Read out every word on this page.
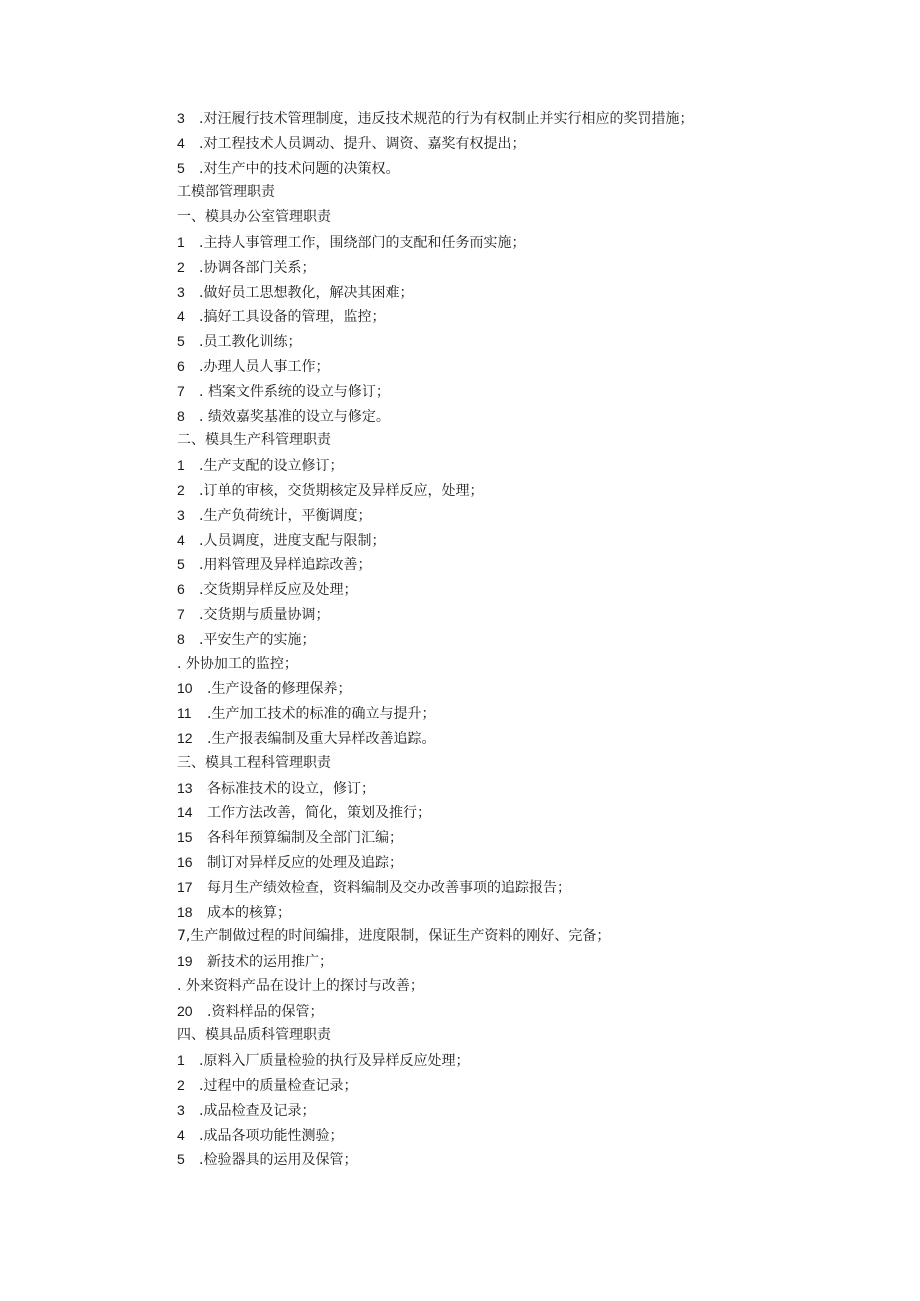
3 .对汪履行技术管理制度，违反技术规范的行为有权制止并实行相应的奖罚措施；
4 .对工程技术人员调动、提升、调资、嘉奖有权提出；
5 .对生产中的技术问题的决策权。
工模部管理职责
一、模具办公室管理职责
1 .主持人事管理工作，围绕部门的支配和任务而实施；
2 .协调各部门关系；
3 .做好员工思想教化，解决其困难；
4 .搞好工具设备的管理，监控；
5 .员工教化训练；
6 .办理人员人事工作；
7 . 档案文件系统的设立与修订；
8 . 绩效嘉奖基准的设立与修定。
二、模具生产科管理职责
1 .生产支配的设立修订；
2 .订单的审核，交货期核定及异样反应，处理；
3 .生产负荷统计，平衡调度；
4 .人员调度，进度支配与限制；
5 .用料管理及异样追踪改善；
6 .交货期异样反应及处理；
7 .交货期与质量协调；
8 .平安生产的实施；
. 外协加工的监控；
10 .生产设备的修理保养；
11 .生产加工技术的标准的确立与提升；
12 .生产报表编制及重大异样改善追踪。
三、模具工程科管理职责
13 各标准技术的设立，修订；
14 工作方法改善，简化，策划及推行；
15 各科年预算编制及全部门汇编；
16 制订对异样反应的处理及追踪；
17 每月生产绩效检查，资料编制及交办改善事项的追踪报告；
18 成本的核算；
7,生产制做过程的时间编排，进度限制，保证生产资料的刚好、完备；
19 新技术的运用推广；
. 外来资料产品在设计上的探讨与改善；
20 .资料样品的保管；
四、模具品质科管理职责
1 .原料入厂质量检验的执行及异样反应处理；
2 .过程中的质量检查记录；
3 .成品检查及记录；
4 .成品各项功能性测验；
5 .检验器具的运用及保管；
